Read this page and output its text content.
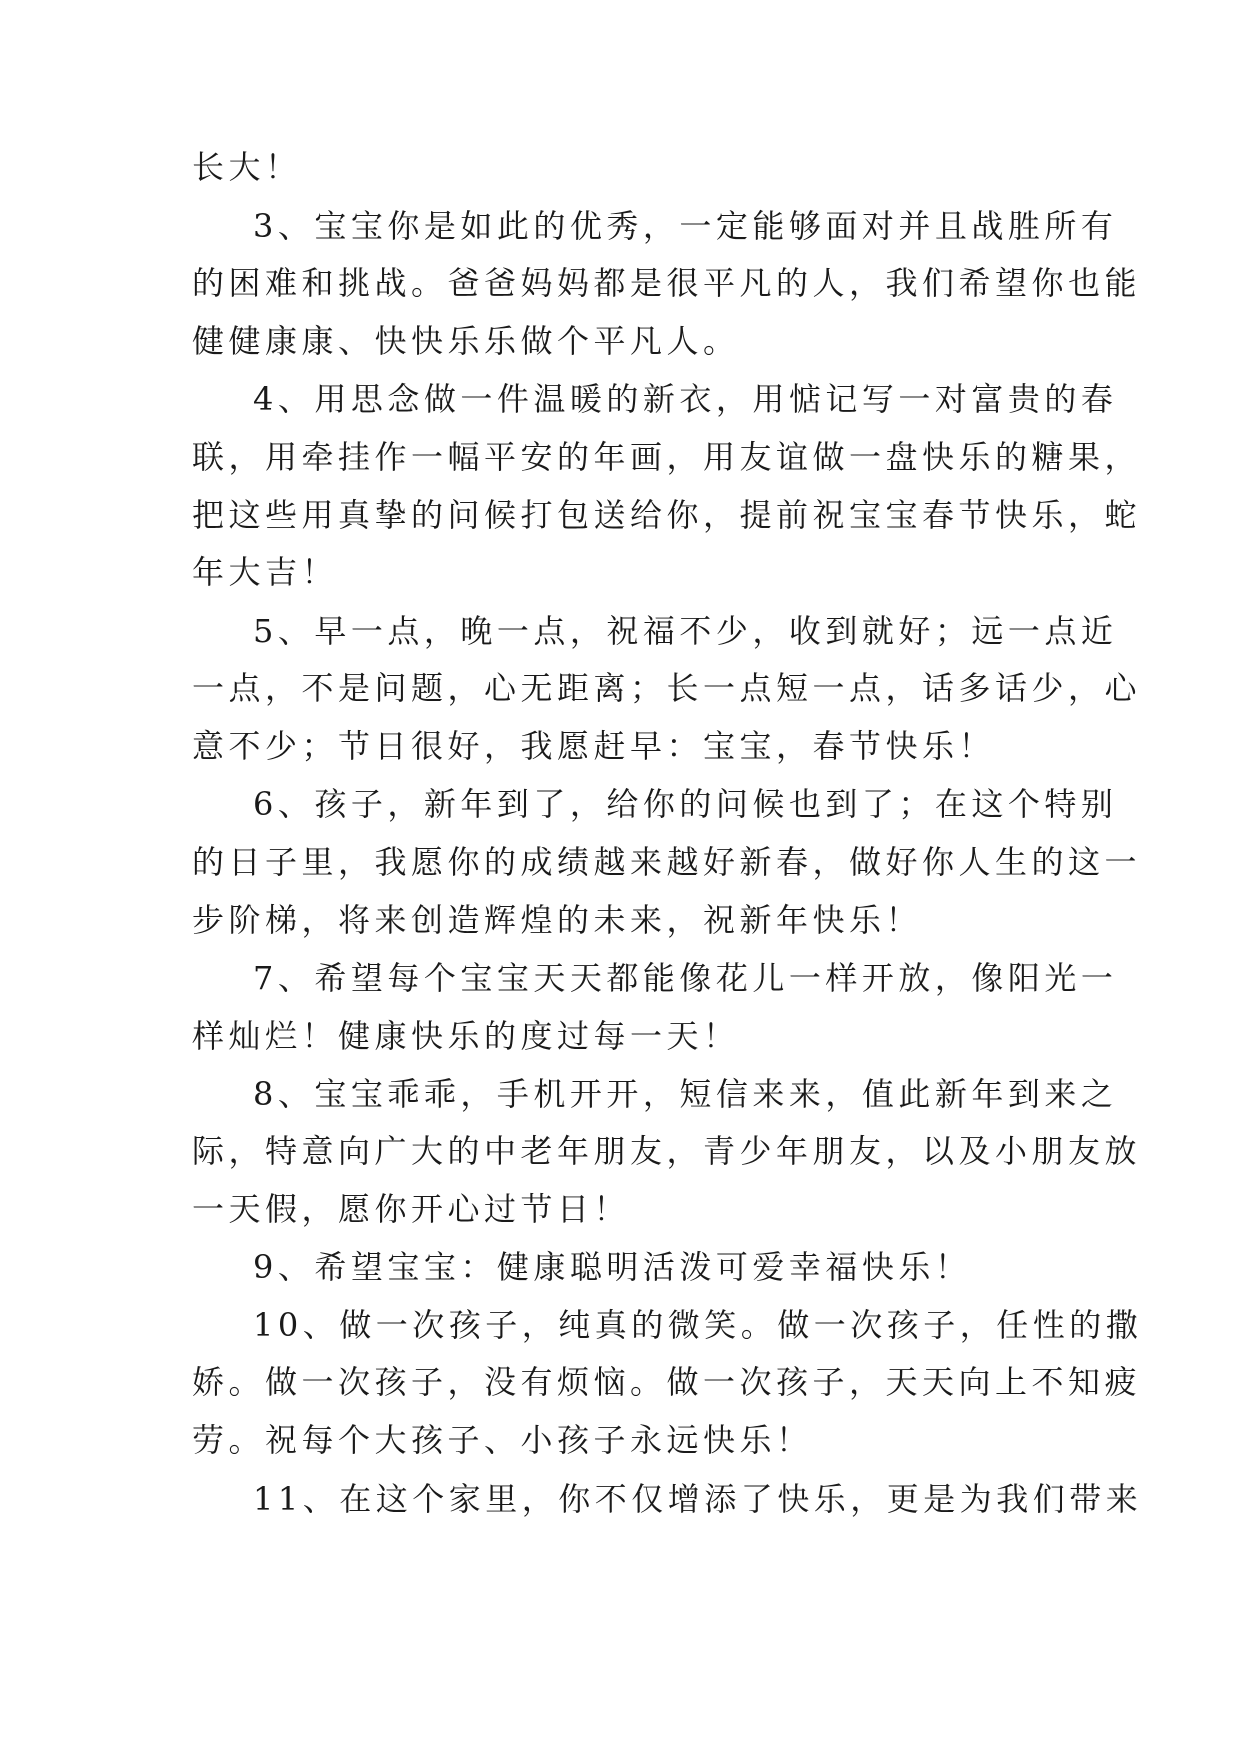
长大！
3、宝宝你是如此的优秀，一定能够面对并且战胜所有
的困难和挑战。爸爸妈妈都是很平凡的人，我们希望你也能
健健康康、快快乐乐做个平凡人。
4、用思念做一件温暖的新衣，用惦记写一对富贵的春
联，用牵挂作一幅平安的年画，用友谊做一盘快乐的糖果，
把这些用真挚的问候打包送给你，提前祝宝宝春节快乐，蛇
年大吉！
5、早一点，晚一点，祝福不少，收到就好；远一点近
一点，不是问题，心无距离；长一点短一点，话多话少，心
意不少；节日很好，我愿赶早：宝宝，春节快乐！
6、孩子，新年到了，给你的问候也到了；在这个特别
的日子里，我愿你的成绩越来越好新春，做好你人生的这一
步阶梯，将来创造辉煌的未来，祝新年快乐！
7、希望每个宝宝天天都能像花儿一样开放，像阳光一
样灿烂！健康快乐的度过每一天！
8、宝宝乖乖，手机开开，短信来来，值此新年到来之
际，特意向广大的中老年朋友，青少年朋友，以及小朋友放
一天假，愿你开心过节日！
9、希望宝宝：健康聪明活泼可爱幸福快乐！
10、做一次孩子，纯真的微笑。做一次孩子，任性的撒
娇。做一次孩子，没有烦恼。做一次孩子，天天向上不知疲
劳。祝每个大孩子、小孩子永远快乐！
11、在这个家里，你不仅增添了快乐，更是为我们带来
